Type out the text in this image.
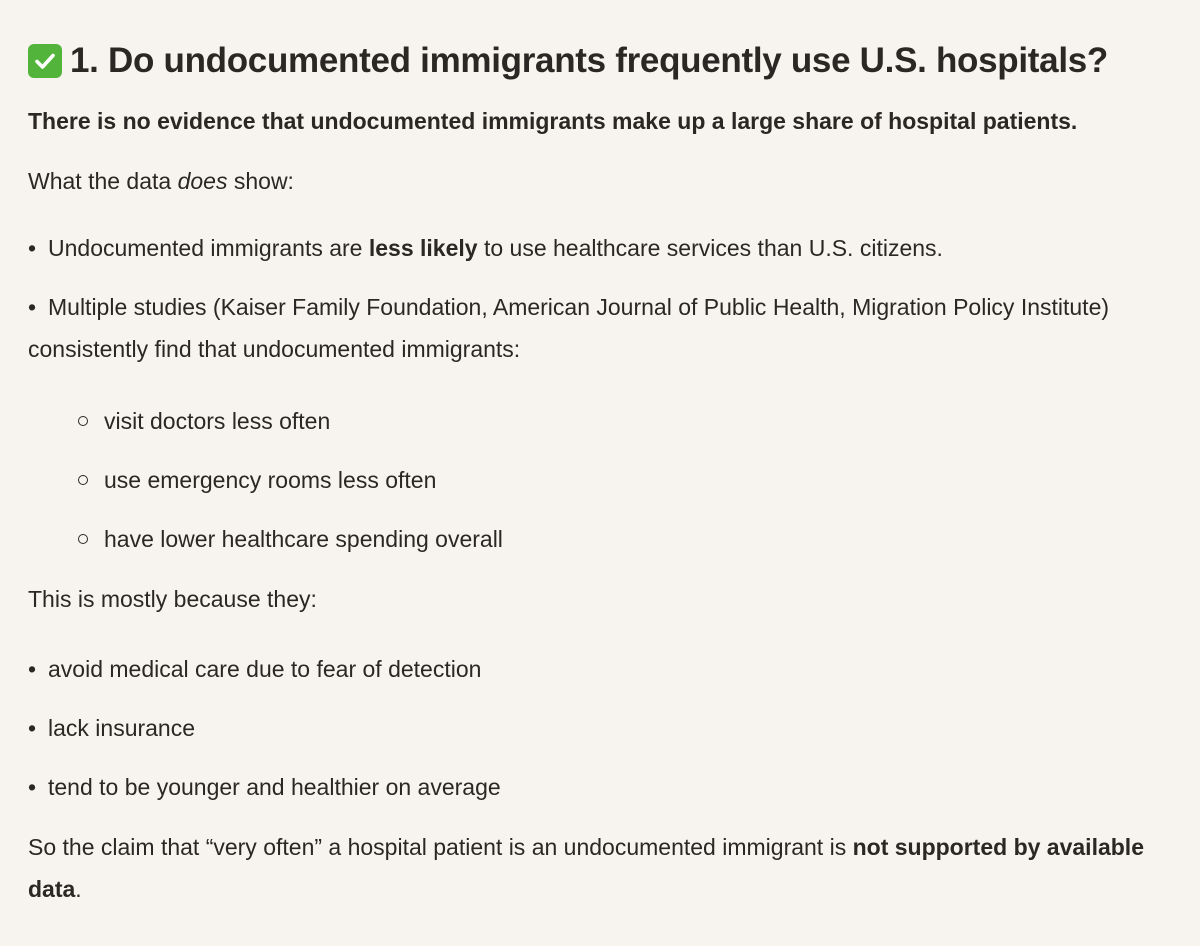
1. Do undocumented immigrants frequently use U.S. hospitals?

There is no evidence that undocumented immigrants make up a large share of hospital patients.

What the data does show:

• Undocumented immigrants are less likely to use healthcare services than U.S. citizens.
• Multiple studies (Kaiser Family Foundation, American Journal of Public Health, Migration Policy Institute) consistently find that undocumented immigrants:
visit doctors less often
use emergency rooms less often
have lower healthcare spending overall

This is mostly because they:

• avoid medical care due to fear of detection
• lack insurance
• tend to be younger and healthier on average

So the claim that “very often” a hospital patient is an undocumented immigrant is not supported by available data.
